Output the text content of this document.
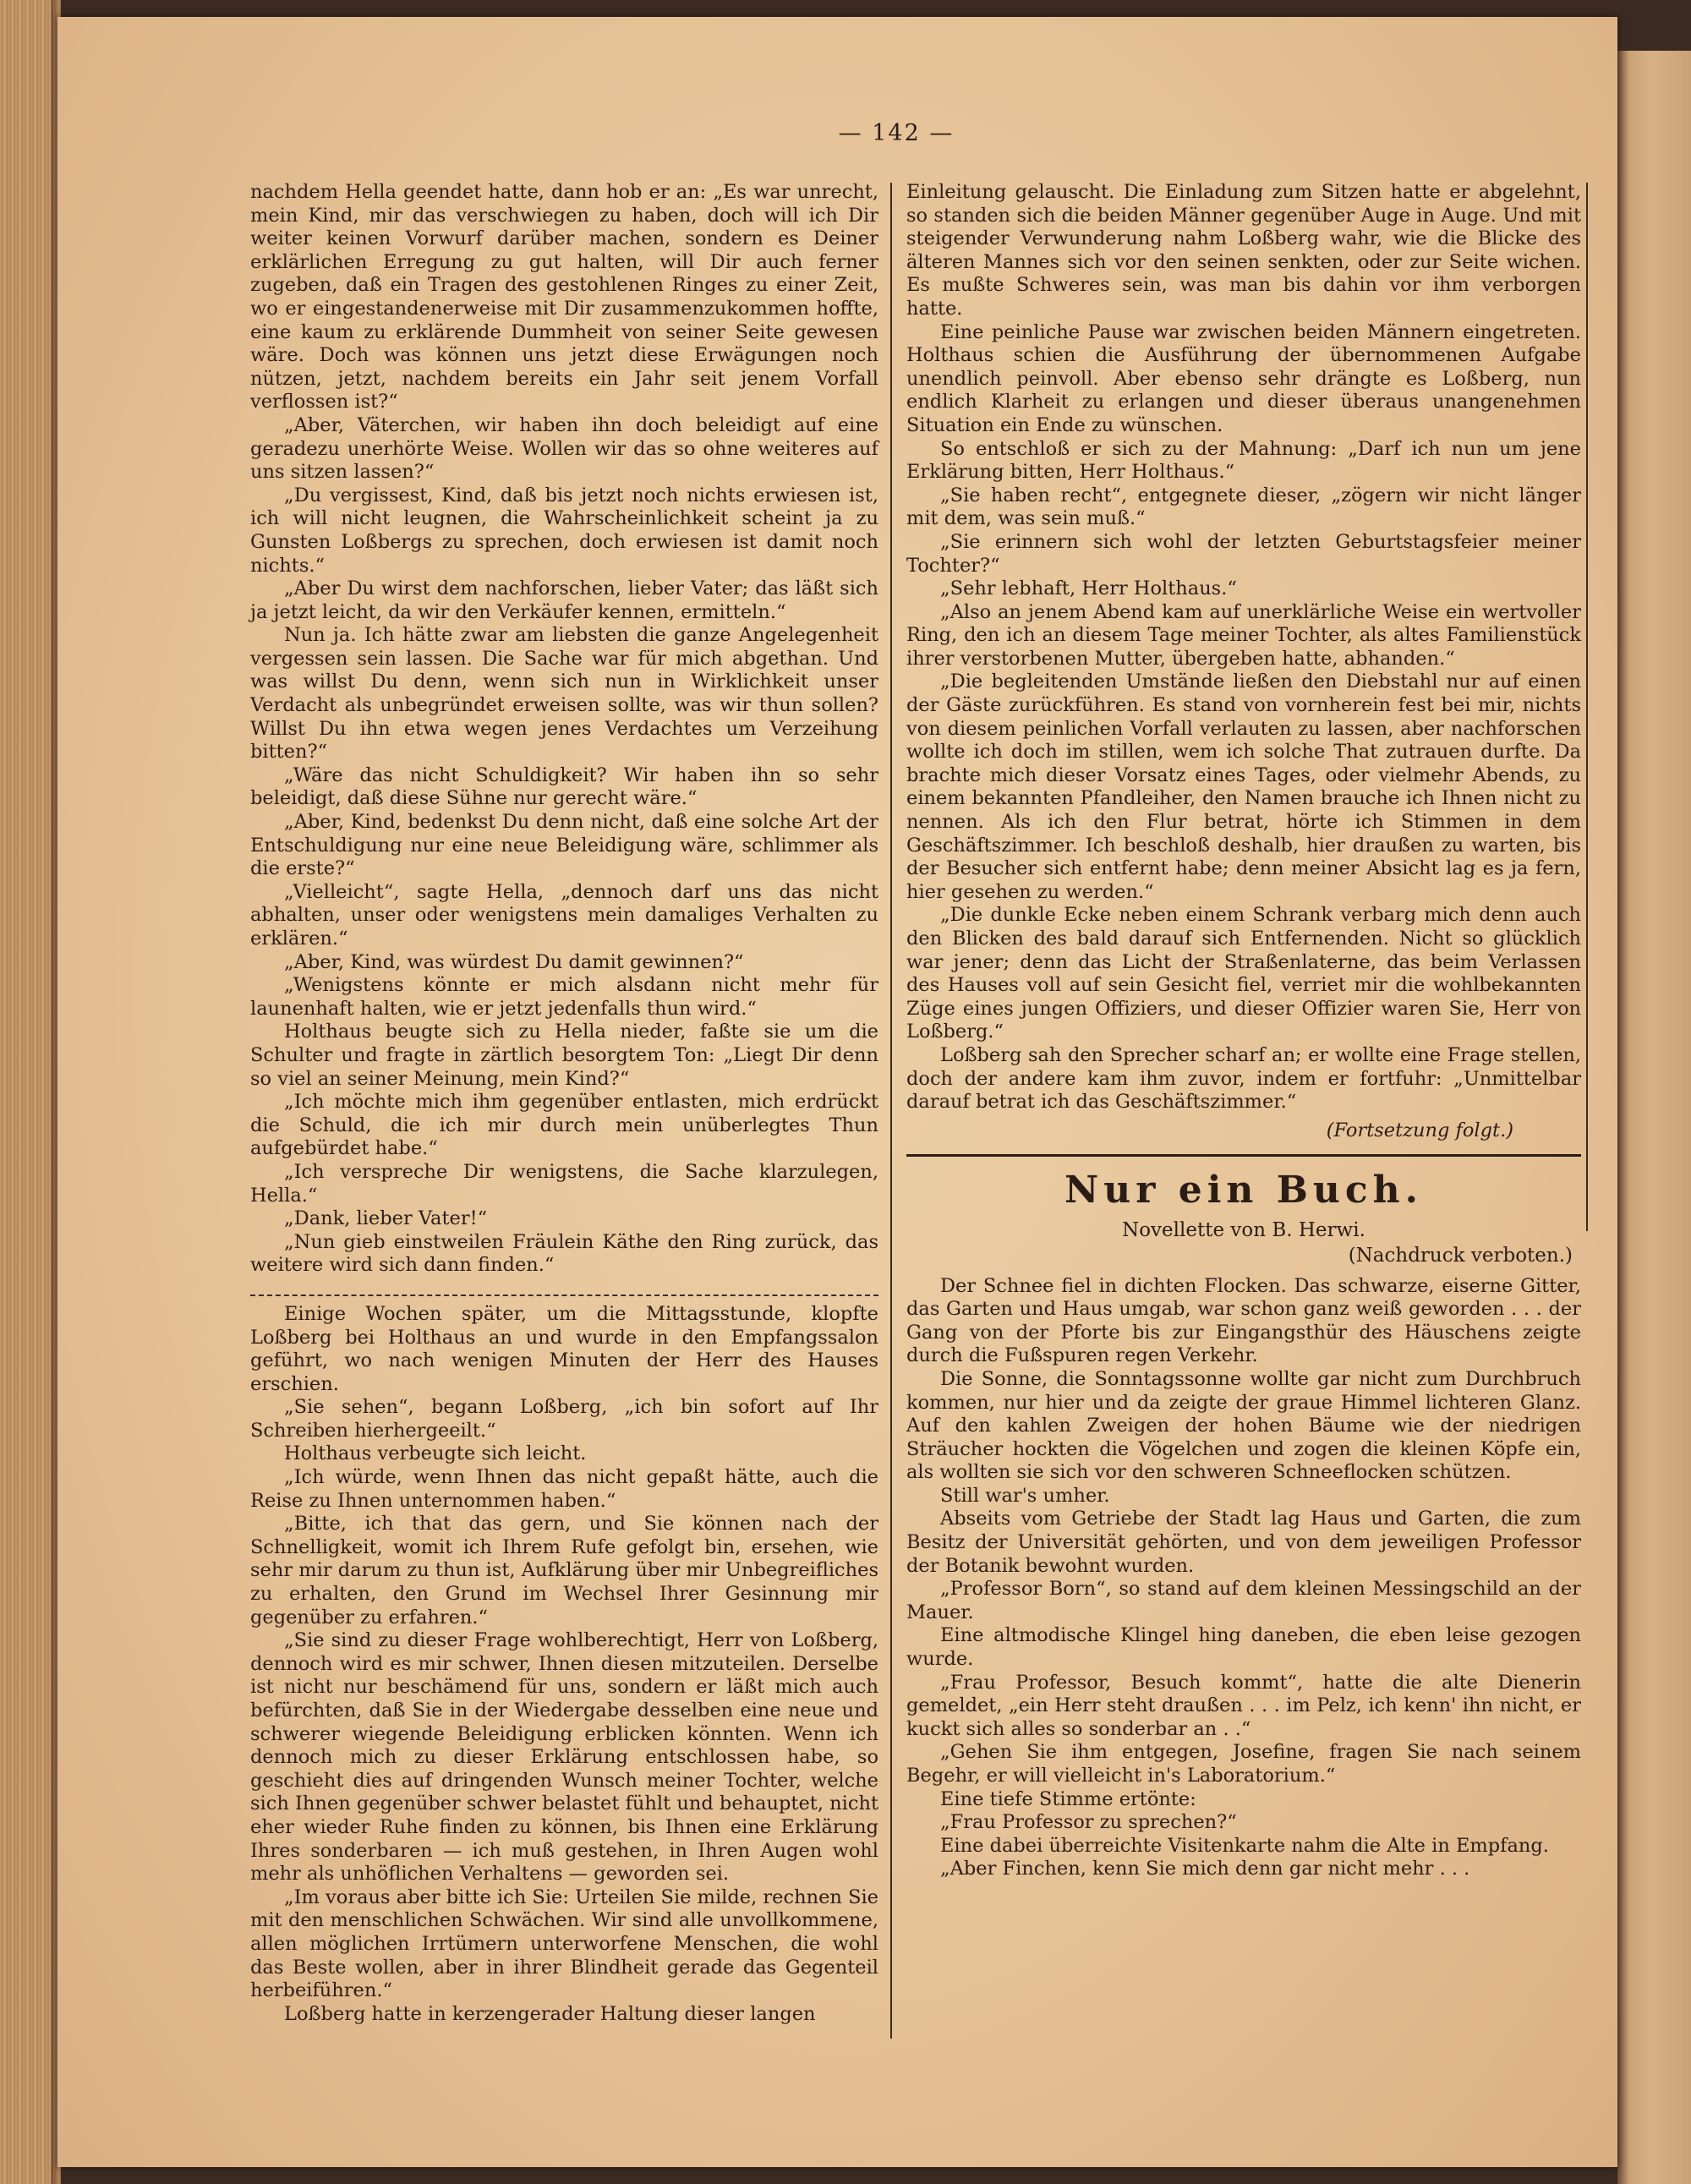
— 142 —

nachdem Hella geendet hatte, dann hob er an: „Es war unrecht, mein Kind, mir das verschwiegen zu haben, doch will ich Dir weiter keinen Vorwurf darüber machen, sondern es Deiner erklärlichen Erregung zu gut halten, will Dir auch ferner zugeben, daß ein Tragen des gestohlenen Ringes zu einer Zeit, wo er eingestandenerweise mit Dir zusammenzukommen hoffte, eine kaum zu erklärende Dummheit von seiner Seite gewesen wäre. Doch was können uns jetzt diese Erwägungen noch nützen, jetzt, nachdem bereits ein Jahr seit jenem Vorfall verflossen ist?“

„Aber, Väterchen, wir haben ihn doch beleidigt auf eine geradezu unerhörte Weise. Wollen wir das so ohne weiteres auf uns sitzen lassen?“

„Du vergissest, Kind, daß bis jetzt noch nichts erwiesen ist, ich will nicht leugnen, die Wahrscheinlichkeit scheint ja zu Gunsten Loßbergs zu sprechen, doch erwiesen ist damit noch nichts.“

„Aber Du wirst dem nachforschen, lieber Vater; das läßt sich ja jetzt leicht, da wir den Verkäufer kennen, ermitteln.“

Nun ja. Ich hätte zwar am liebsten die ganze Angelegenheit vergessen sein lassen. Die Sache war für mich abgethan. Und was willst Du denn, wenn sich nun in Wirklichkeit unser Verdacht als unbegründet erweisen sollte, was wir thun sollen? Willst Du ihn etwa wegen jenes Verdachtes um Verzeihung bitten?“

„Wäre das nicht Schuldigkeit? Wir haben ihn so sehr beleidigt, daß diese Sühne nur gerecht wäre.“

„Aber, Kind, bedenkst Du denn nicht, daß eine solche Art der Entschuldigung nur eine neue Beleidigung wäre, schlimmer als die erste?“

„Vielleicht“, sagte Hella, „dennoch darf uns das nicht abhalten, unser oder wenigstens mein damaliges Verhalten zu erklären.“

„Aber, Kind, was würdest Du damit gewinnen?“

„Wenigstens könnte er mich alsdann nicht mehr für launenhaft halten, wie er jetzt jedenfalls thun wird.“

Holthaus beugte sich zu Hella nieder, faßte sie um die Schulter und fragte in zärtlich besorgtem Ton: „Liegt Dir denn so viel an seiner Meinung, mein Kind?“

„Ich möchte mich ihm gegenüber entlasten, mich erdrückt die Schuld, die ich mir durch mein unüberlegtes Thun aufgebürdet habe.“

„Ich verspreche Dir wenigstens, die Sache klarzulegen, Hella.“

„Dank, lieber Vater!“

„Nun gieb einstweilen Fräulein Käthe den Ring zurück, das weitere wird sich dann finden.“

Einige Wochen später, um die Mittagsstunde, klopfte Loßberg bei Holthaus an und wurde in den Empfangssalon geführt, wo nach wenigen Minuten der Herr des Hauses erschien.

„Sie sehen“, begann Loßberg, „ich bin sofort auf Ihr Schreiben hierhergeeilt.“

Holthaus verbeugte sich leicht.

„Ich würde, wenn Ihnen das nicht gepaßt hätte, auch die Reise zu Ihnen unternommen haben.“

„Bitte, ich that das gern, und Sie können nach der Schnelligkeit, womit ich Ihrem Rufe gefolgt bin, ersehen, wie sehr mir darum zu thun ist, Aufklärung über mir Unbegreifliches zu erhalten, den Grund im Wechsel Ihrer Gesinnung mir gegenüber zu erfahren.“

„Sie sind zu dieser Frage wohlberechtigt, Herr von Loßberg, dennoch wird es mir schwer, Ihnen diesen mitzuteilen. Derselbe ist nicht nur beschämend für uns, sondern er läßt mich auch befürchten, daß Sie in der Wiedergabe desselben eine neue und schwerer wiegende Beleidigung erblicken könnten. Wenn ich dennoch mich zu dieser Erklärung entschlossen habe, so geschieht dies auf dringenden Wunsch meiner Tochter, welche sich Ihnen gegenüber schwer belastet fühlt und behauptet, nicht eher wieder Ruhe finden zu können, bis Ihnen eine Erklärung Ihres sonderbaren — ich muß gestehen, in Ihren Augen wohl mehr als unhöflichen Verhaltens — geworden sei.

„Im voraus aber bitte ich Sie: Urteilen Sie milde, rechnen Sie mit den menschlichen Schwächen. Wir sind alle unvollkommene, allen möglichen Irrtümern unterworfene Menschen, die wohl das Beste wollen, aber in ihrer Blindheit gerade das Gegenteil herbeiführen.“

Loßberg hatte in kerzengerader Haltung dieser langen

Einleitung gelauscht. Die Einladung zum Sitzen hatte er abgelehnt, so standen sich die beiden Männer gegenüber Auge in Auge. Und mit steigender Verwunderung nahm Loßberg wahr, wie die Blicke des älteren Mannes sich vor den seinen senkten, oder zur Seite wichen. Es mußte Schweres sein, was man bis dahin vor ihm verborgen hatte.

Eine peinliche Pause war zwischen beiden Männern eingetreten. Holthaus schien die Ausführung der übernommenen Aufgabe unendlich peinvoll. Aber ebenso sehr drängte es Loßberg, nun endlich Klarheit zu erlangen und dieser überaus unangenehmen Situation ein Ende zu wünschen.

So entschloß er sich zu der Mahnung: „Darf ich nun um jene Erklärung bitten, Herr Holthaus.“

„Sie haben recht“, entgegnete dieser, „zögern wir nicht länger mit dem, was sein muß.“

„Sie erinnern sich wohl der letzten Geburtstagsfeier meiner Tochter?“

„Sehr lebhaft, Herr Holthaus.“

„Also an jenem Abend kam auf unerklärliche Weise ein wertvoller Ring, den ich an diesem Tage meiner Tochter, als altes Familienstück ihrer verstorbenen Mutter, übergeben hatte, abhanden.“

„Die begleitenden Umstände ließen den Diebstahl nur auf einen der Gäste zurückführen. Es stand von vornherein fest bei mir, nichts von diesem peinlichen Vorfall verlauten zu lassen, aber nachforschen wollte ich doch im stillen, wem ich solche That zutrauen durfte. Da brachte mich dieser Vorsatz eines Tages, oder vielmehr Abends, zu einem bekannten Pfandleiher, den Namen brauche ich Ihnen nicht zu nennen. Als ich den Flur betrat, hörte ich Stimmen in dem Geschäftszimmer. Ich beschloß deshalb, hier draußen zu warten, bis der Besucher sich entfernt habe; denn meiner Absicht lag es ja fern, hier gesehen zu werden.“

„Die dunkle Ecke neben einem Schrank verbarg mich denn auch den Blicken des bald darauf sich Entfernenden. Nicht so glücklich war jener; denn das Licht der Straßenlaterne, das beim Verlassen des Hauses voll auf sein Gesicht fiel, verriet mir die wohlbekannten Züge eines jungen Offiziers, und dieser Offizier waren Sie, Herr von Loßberg.“

Loßberg sah den Sprecher scharf an; er wollte eine Frage stellen, doch der andere kam ihm zuvor, indem er fortfuhr: „Unmittelbar darauf betrat ich das Geschäftszimmer.“

(Fortsetzung folgt.)
Nur ein Buch.
Novellette von B. Herwi.
(Nachdruck verboten.)

Der Schnee fiel in dichten Flocken. Das schwarze, eiserne Gitter, das Garten und Haus umgab, war schon ganz weiß geworden . . . der Gang von der Pforte bis zur Eingangsthür des Häuschens zeigte durch die Fußspuren regen Verkehr.

Die Sonne, die Sonntagssonne wollte gar nicht zum Durchbruch kommen, nur hier und da zeigte der graue Himmel lichteren Glanz. Auf den kahlen Zweigen der hohen Bäume wie der niedrigen Sträucher hockten die Vögelchen und zogen die kleinen Köpfe ein, als wollten sie sich vor den schweren Schneeflocken schützen.

Still war's umher.

Abseits vom Getriebe der Stadt lag Haus und Garten, die zum Besitz der Universität gehörten, und von dem jeweiligen Professor der Botanik bewohnt wurden.

„Professor Born“, so stand auf dem kleinen Messingschild an der Mauer.

Eine altmodische Klingel hing daneben, die eben leise gezogen wurde.

„Frau Professor, Besuch kommt“, hatte die alte Dienerin gemeldet, „ein Herr steht draußen . . . im Pelz, ich kenn' ihn nicht, er kuckt sich alles so sonderbar an . .“

„Gehen Sie ihm entgegen, Josefine, fragen Sie nach seinem Begehr, er will vielleicht in's Laboratorium.“

Eine tiefe Stimme ertönte:

„Frau Professor zu sprechen?“

Eine dabei überreichte Visitenkarte nahm die Alte in Empfang.

„Aber Finchen, kenn Sie mich denn gar nicht mehr . . .
